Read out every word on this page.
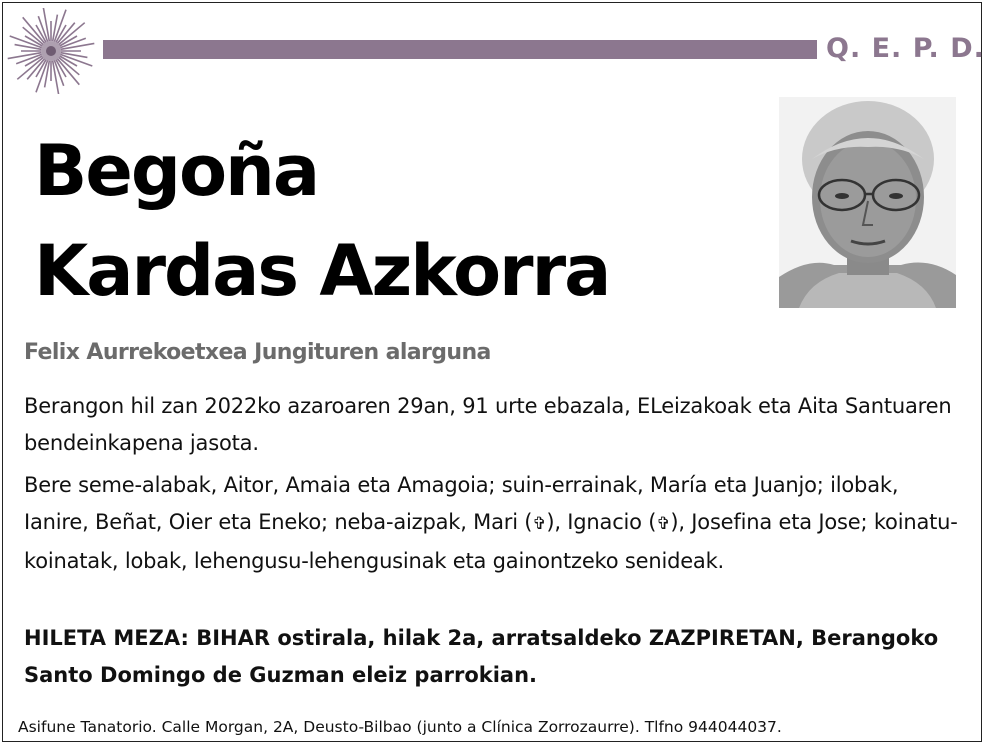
Q. E. P. D.
Begoña
Kardas Azkorra
Felix Aurrekoetxea Jungituren alarguna
Berangon hil zan 2022ko azaroaren 29an, 91 urte ebazala, ELeizakoak eta Aita Santuaren bendeinkapena jasota.
Bere seme-alabak, Aitor, Amaia eta Amagoia; suin-errainak, María eta Juanjo; ilobak, Ianire, Beñat, Oier eta Eneko; neba-aizpak, Mari (✞), Ignacio (✞), Josefina eta Jose; koinatu-koinatak, lobak, lehengusu-lehengusinak eta gainontzeko senideak.
HILETA MEZA: BIHAR ostirala, hilak 2a, arratsaldeko ZAZPIRETAN, Berangoko Santo Domingo de Guzman eleiz parrokian.
Asifune Tanatorio. Calle Morgan, 2A, Deusto-Bilbao (junto a Clínica Zorrozaurre). Tlfno 944044037.
